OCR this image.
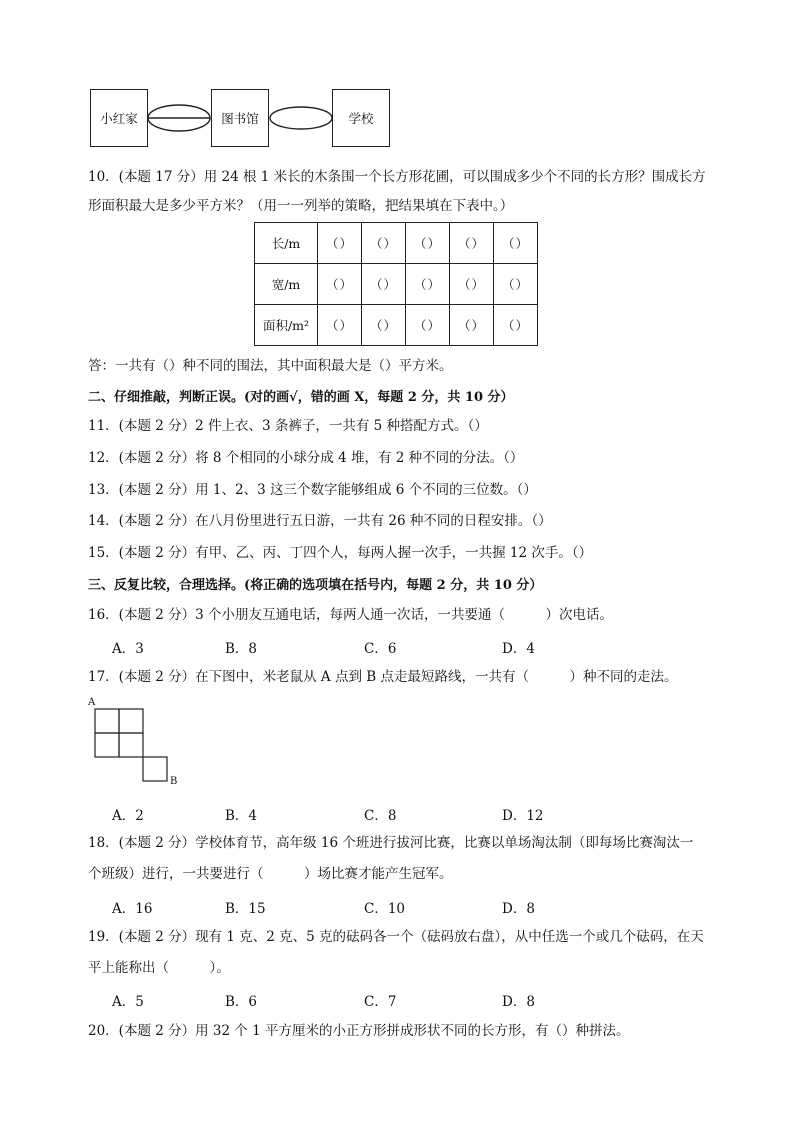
小红家	图书馆	学校
10．(本题 17 分）用 24 根 1 米长的木条围一个长方形花圃，可以围成多少个不同的长方形？围成长方
形面积最大是多少平方米？（用一一列举的策略，把结果填在下表中。）
长/m	（）	（）	（）	（）	（）
宽/m	（）	（）	（）	（）	（）
面积/m²	（）	（）	（）	（）	（）
答：一共有（）种不同的围法，其中面积最大是（）平方米。
二、仔细推敲，判断正误。(对的画√，错的画 X，每题 2 分，共 10 分）
11．(本题 2 分）2 件上衣、3 条裤子，一共有 5 种搭配方式。（）
12．(本题 2 分）将 8 个相同的小球分成 4 堆，有 2 种不同的分法。（）
13．(本题 2 分）用 1、2、3 这三个数字能够组成 6 个不同的三位数。（）
14．(本题 2 分）在八月份里进行五日游，一共有 26 种不同的日程安排。（）
15．(本题 2 分）有甲、乙、丙、丁四个人，每两人握一次手，一共握 12 次手。（）
三、反复比较，合理选择。(将正确的选项填在括号内，每题 2 分，共 10 分）
16．(本题 2 分）3 个小朋友互通电话，每两人通一次话，一共要通（　　　）次电话。
A．3	B．8	C．6	D．4
17．(本题 2 分）在下图中，米老鼠从 A 点到 B 点走最短路线，一共有（　　　）种不同的走法。
A
B
A．2	B．4	C．8	D．12
18．(本题 2 分）学校体育节，高年级 16 个班进行拔河比赛，比赛以单场淘汰制（即每场比赛淘汰一
个班级）进行，一共要进行（　　　）场比赛才能产生冠军。
A．16	B．15	C．10	D．8
19．(本题 2 分）现有 1 克、2 克、5 克的砝码各一个（砝码放右盘），从中任选一个或几个砝码，在天
平上能称出（　　　）。
A．5	B．6	C．7	D．8
20．(本题 2 分）用 32 个 1 平方厘米的小正方形拼成形状不同的长方形，有（）种拼法。
